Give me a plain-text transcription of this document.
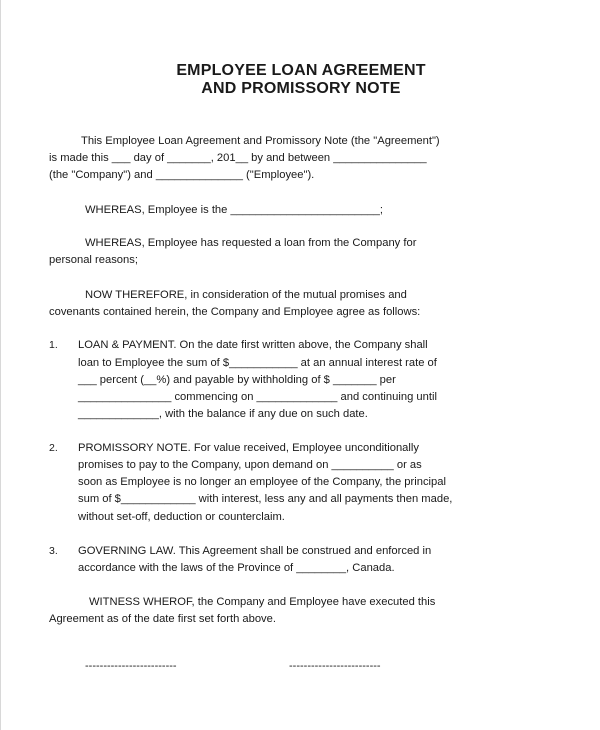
EMPLOYEE LOAN AGREEMENT
AND PROMISSORY NOTE
This Employee Loan Agreement and Promissory Note (the "Agreement")
is made this ___ day of _______, 201__ by and between _______________
(the "Company") and ______________ ("Employee").
WHEREAS, Employee is the ________________________;
WHEREAS, Employee has requested a loan from the Company for
personal reasons;
NOW THEREFORE, in consideration of the mutual promises and
covenants contained herein, the Company and Employee agree as follows:
1. LOAN & PAYMENT. On the date first written above, the Company shall
loan to Employee the sum of $___________ at an annual interest rate of
___ percent (__%) and payable by withholding of $ _______ per
_______________ commencing on _____________ and continuing until
_____________, with the balance if any due on such date.
2. PROMISSORY NOTE. For value received, Employee unconditionally
promises to pay to the Company, upon demand on __________ or as
soon as Employee is no longer an employee of the Company, the principal
sum of $____________ with interest, less any and all payments then made,
without set-off, deduction or counterclaim.
3. GOVERNING LAW. This Agreement shall be construed and enforced in
accordance with the laws of the Province of ________, Canada.
WITNESS WHEROF, the Company and Employee have executed this
Agreement as of the date first set forth above.
-------------------------	-------------------------
